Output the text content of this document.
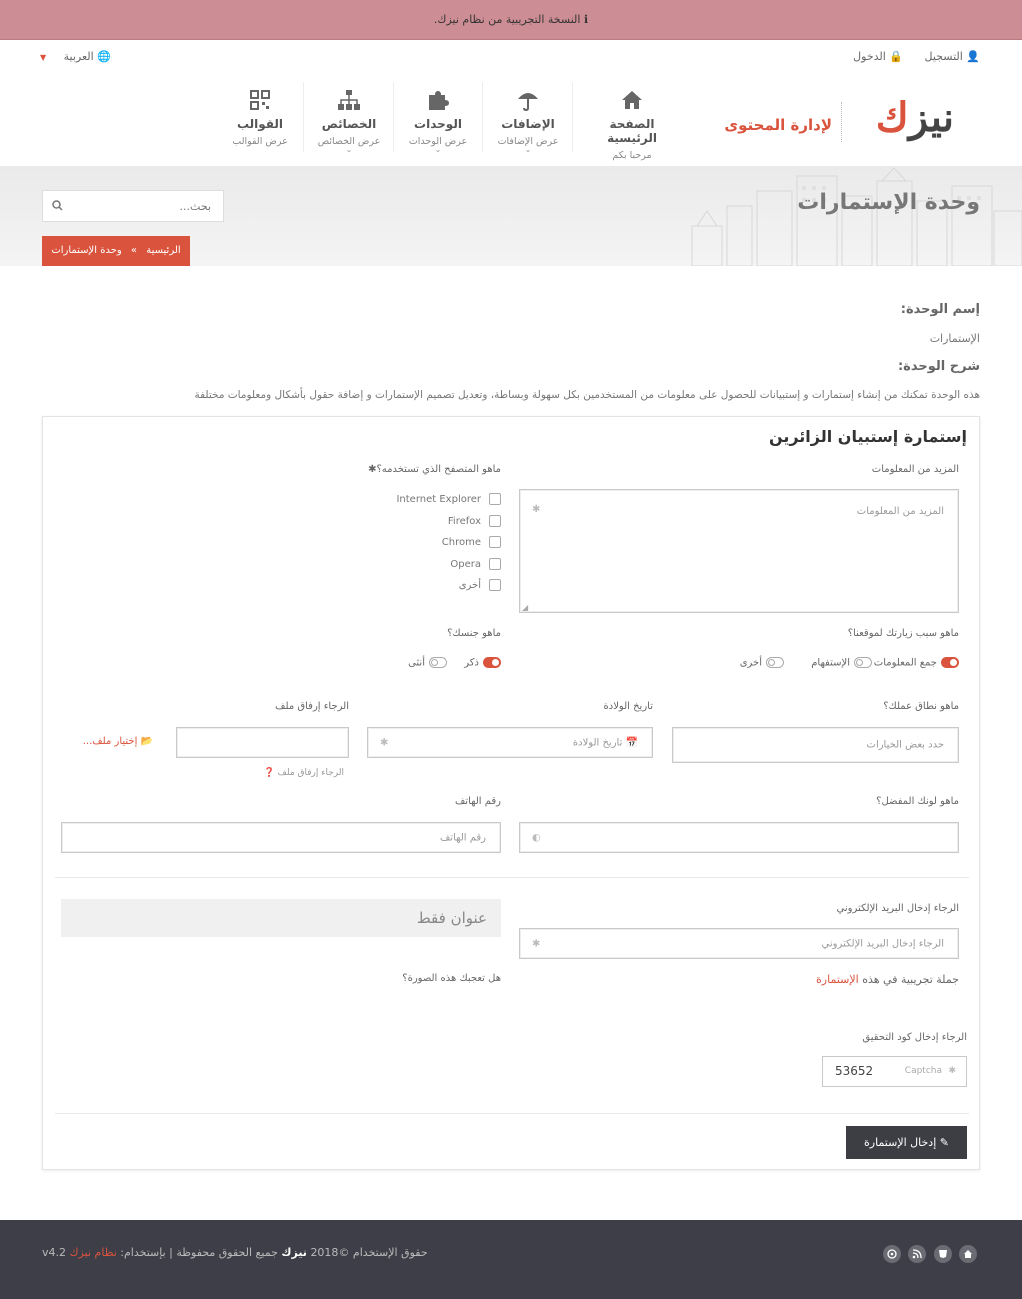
ℹ النسخة التجريبية من نظام نيزك.
👤 التسجيل 🔒 الدخول
🌐 العربية ▼
نيزك
لإدارة المحتوى
الصفحة الرئيسية
مرحبا بكم
الإضافات
عرض الإضافات
⌄
الوحدات
عرض الوحدات
⌄
الخصائص
عرض الخصائص
⌄
القوالب
عرض القوالب
وحدة الإستمارات
بحث...
الرئيسية » وحدة الإستمارات
إسم الوحدة:
الإستمارات
شرح الوحدة:
هذه الوحدة تمكنك من إنشاء إستمارات و إستبيانات للحصول على معلومات من المستخدمين بكل سهولة وبساطة، وتعديل تصميم الإستمارات و إضافة حقول بأشكال ومعلومات مختلفة
إستمارة إستبيان الزائرين
المزيد من المعلومات
المزيد من المعلومات
✱
◢
ماهو المتصفح الذي تستخدمه؟✱
Internet Explorer
Firefox
Chrome
Opera
أخرى
ماهو سبب زيارتك لموقعنا؟
جمع المعلومات
الإستفهام
أخرى
ماهو جنسك؟
ذكر
أنثى
ماهو نطاق عملك؟
حدد بعض الخيارات
تاريخ الولادة
📅 تاريخ الولادة
✱
الرجاء إرفاق ملف
📂 إختيار ملف...
الرجاء إرفاق ملف ❓
ماهو لونك المفضل؟
◐
رقم الهاتف
رقم الهاتف
الرجاء إدخال البريد الإلكتروني
الرجاء إدخال البريد الإلكتروني
✱
عنوان فقط
جملة تجريبية في هذه الإستمارة
هل تعجبك هذه الصورة؟
الرجاء إدخال كود التحقيق
Captcha ✱
53652
✎ إدخال الإستمارة
حقوق الإستخدام ©2018 نيزك جميع الحقوق محفوظة | بإستخدام: نظام نيزك v4.2
